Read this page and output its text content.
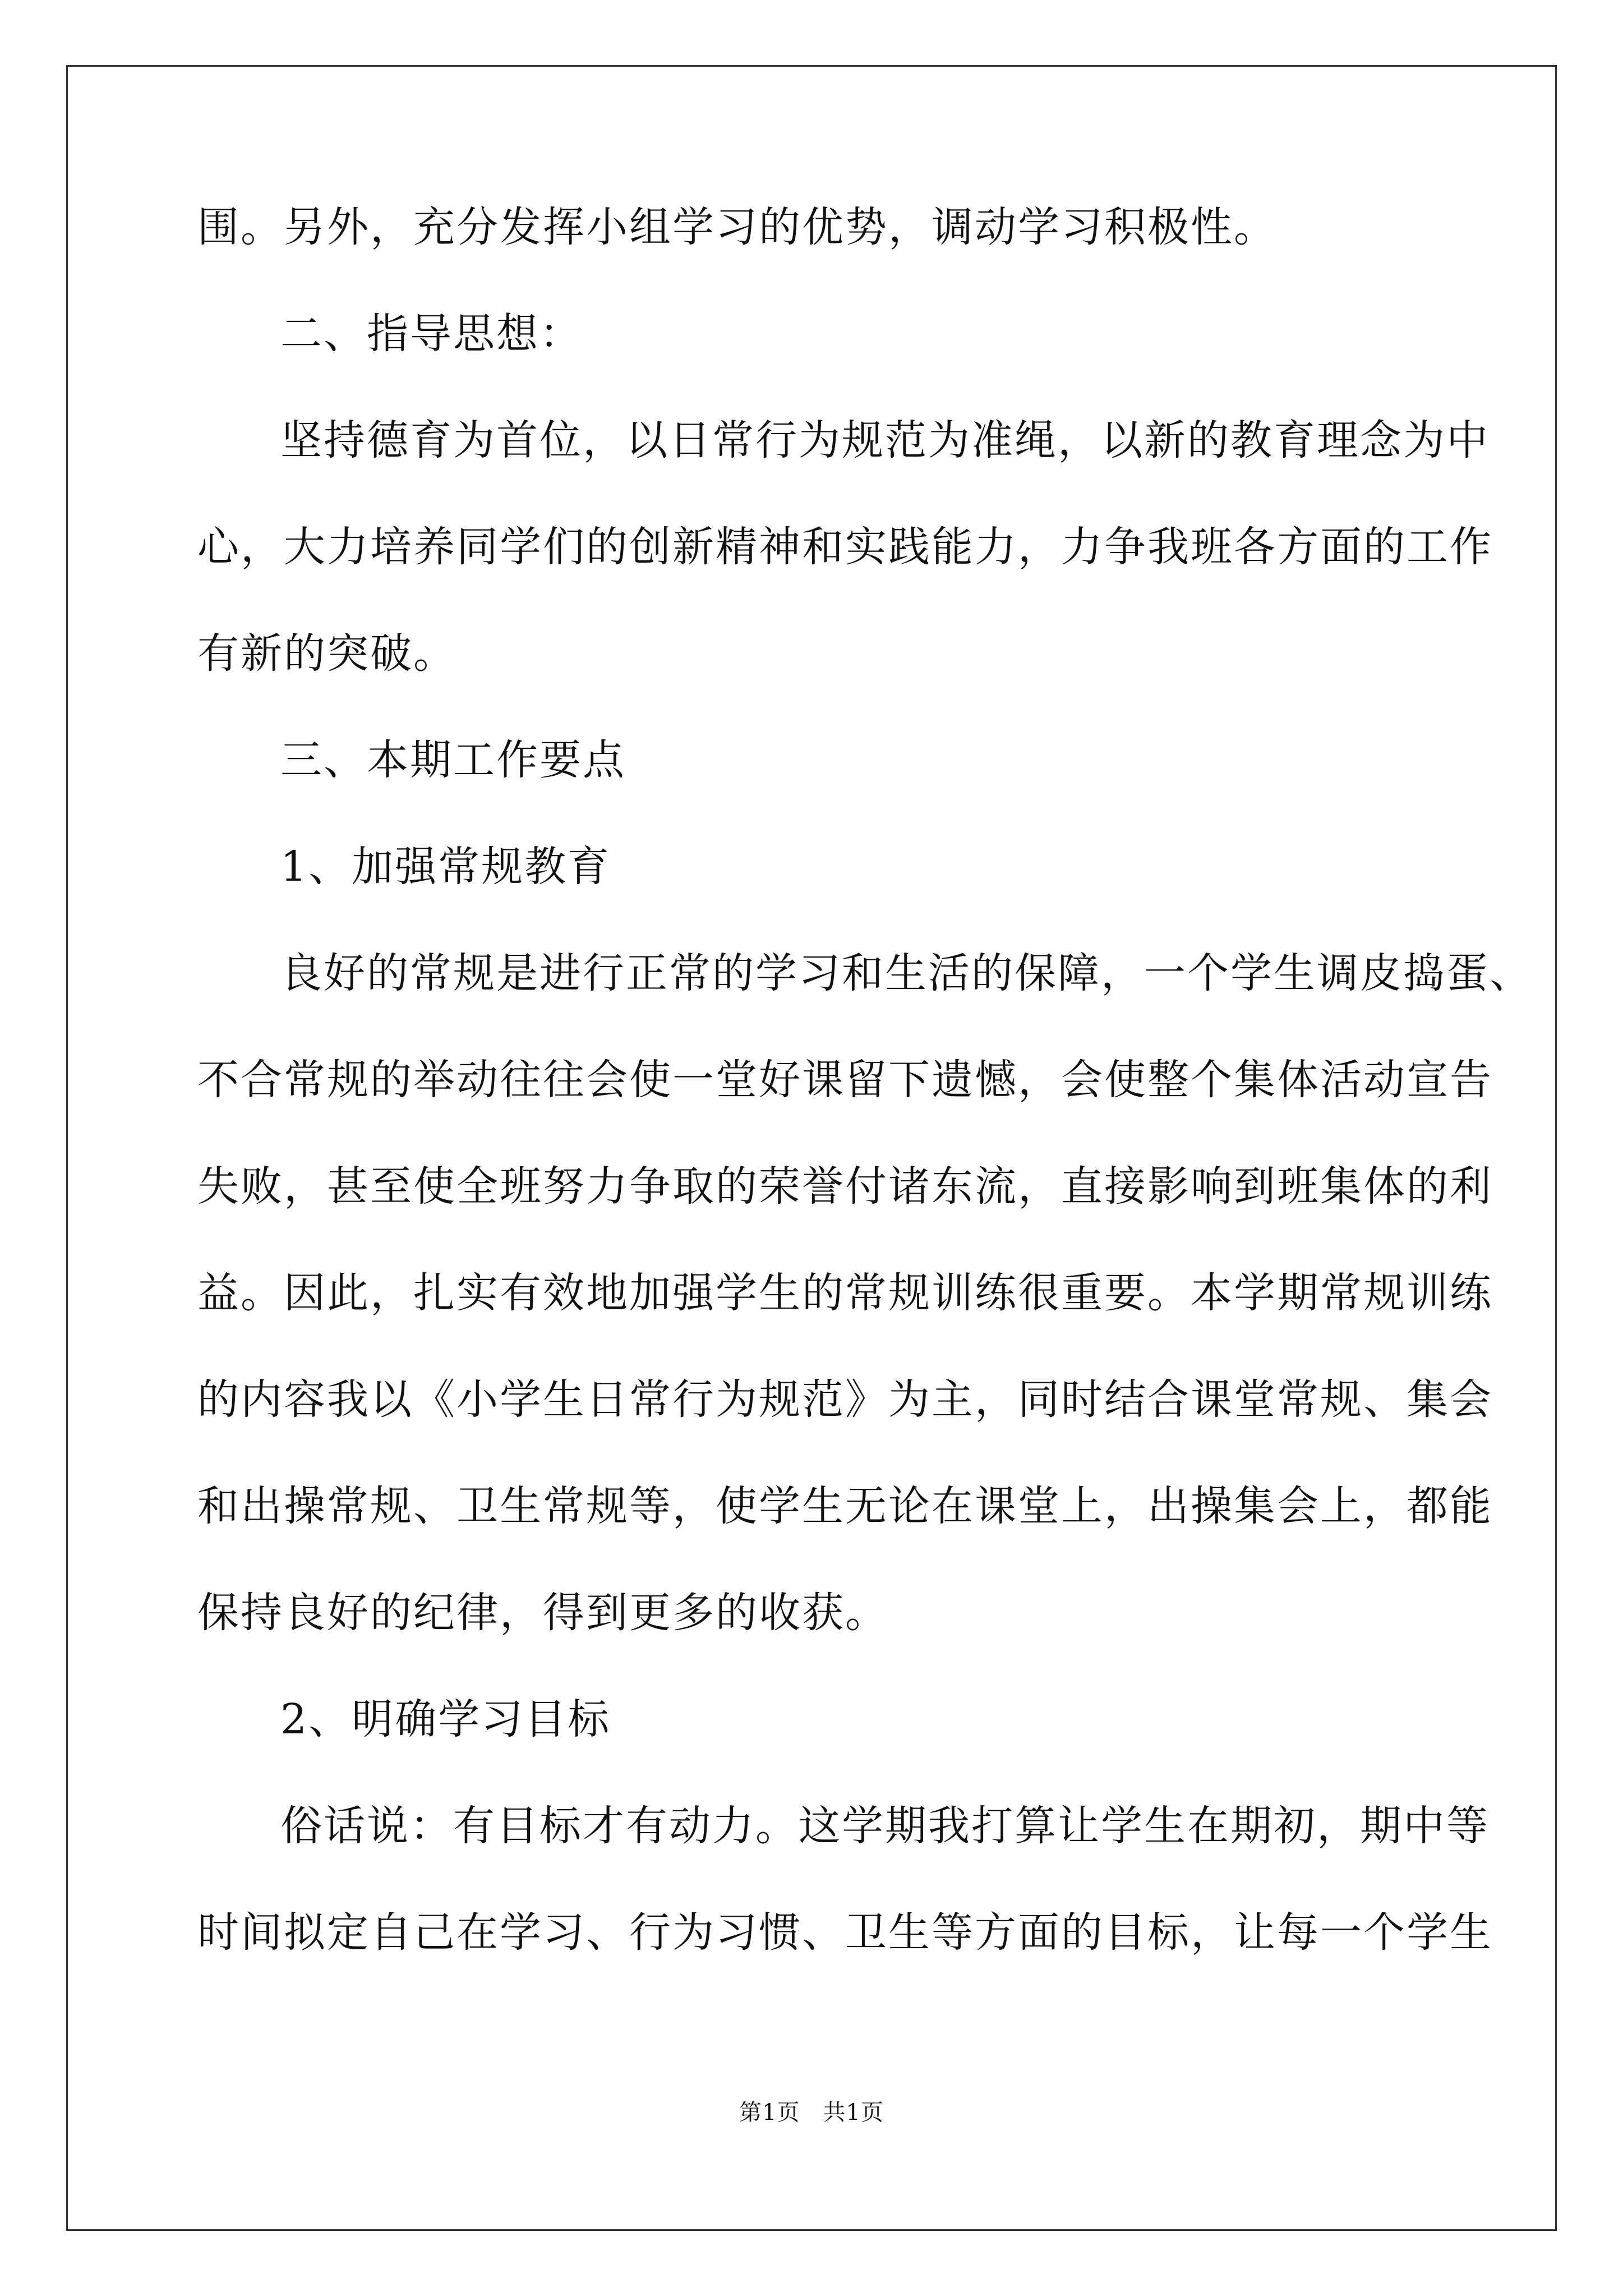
围。另外，充分发挥小组学习的优势，调动学习积极性。
二、指导思想：
坚持德育为首位，以日常行为规范为准绳，以新的教育理念为中
心，大力培养同学们的创新精神和实践能力，力争我班各方面的工作
有新的突破。
三、本期工作要点
1、加强常规教育
良好的常规是进行正常的学习和生活的保障，一个学生调皮捣蛋、
不合常规的举动往往会使一堂好课留下遗憾，会使整个集体活动宣告
失败，甚至使全班努力争取的荣誉付诸东流，直接影响到班集体的利
益。因此，扎实有效地加强学生的常规训练很重要。本学期常规训练
的内容我以《小学生日常行为规范》为主，同时结合课堂常规、集会
和出操常规、卫生常规等，使学生无论在课堂上，出操集会上，都能
保持良好的纪律，得到更多的收获。
2、明确学习目标
俗话说：有目标才有动力。这学期我打算让学生在期初，期中等
时间拟定自己在学习、行为习惯、卫生等方面的目标，让每一个学生
第1页　共1页
